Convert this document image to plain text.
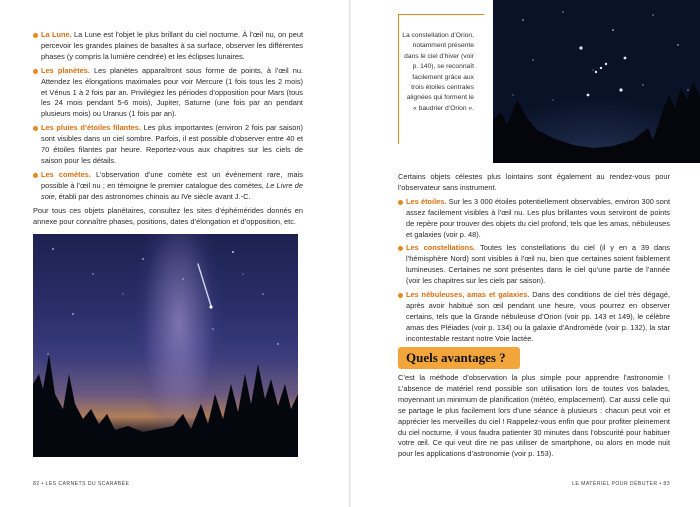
La Lune. La Lune est l’objet le plus brillant du ciel nocturne. À l’œil nu, on peut percevoir les grandes plaines de basaltes à sa surface, observer les différentes phases (y compris la lumière cendrée) et les éclipses lunaires.
Les planètes. Les planètes apparaîtront sous forme de points, à l’œil nu. Attendez les élongations maximales pour voir Mercure (1 fois tous les 2 mois) et Vénus 1 à 2 fois par an. Privilégiez les périodes d’opposition pour Mars (tous les 24 mois pendant 5-6 mois), Jupiter, Saturne (une fois par an pendant plusieurs mois) ou Uranus (1 fois par an).
Les pluies d’étoiles filantes. Les plus importantes (environ 2 fois par saison) sont visibles dans un ciel sombre. Parfois, il est possible d’observer entre 40 et 70 étoiles filantes par heure. Reportez-vous aux chapitres sur les ciels de saison pour les détails.
Les comètes. L’observation d’une comète est un événement rare, mais possible à l’œil nu ; en témoigne le premier catalogue des comètes, Le Livre de soie, établi par des astronomes chinois au IVe siècle avant J.-C.
Pour tous ces objets planétaires, consultez les sites d’éphémérides donnés en annexe pour connaître phases, positions, dates d’élongation et d’opposition, etc.
82 • LES CARNETS DU SCARABÉE
La constellation d’Orion, notamment présente dans le ciel d’hiver (voir p. 140), se reconnaît facilement grâce aux trois étoiles centrales alignées qui forment le « baudrier d’Orion ».
Certains objets célestes plus lointains sont également au rendez-vous pour l’observateur sans instrument.
Les étoiles. Sur les 3 000 étoiles potentiellement observables, environ 300 sont assez facilement visibles à l’œil nu. Les plus brillantes vous serviront de points de repère pour trouver des objets du ciel profond, tels que les amas, nébuleuses et galaxies (voir p. 48).
Les constellations. Toutes les constellations du ciel (il y en a 39 dans l’hémisphère Nord) sont visibles à l’œil nu, bien que certaines soient faiblement lumineuses. Certaines ne sont présentes dans le ciel qu’une partie de l’année (voir les chapitres sur les ciels par saison).
Les nébuleuses, amas et galaxies. Dans des conditions de ciel très dégagé, après avoir habitué son œil pendant une heure, vous pourrez en observer certains, tels que la Grande nébuleuse d’Orion (voir pp. 143 et 149), le célèbre amas des Pléiades (voir p. 134) ou la galaxie d’Andromède (voir p. 132), la star incontestable restant notre Voie lactée.
Quels avantages ?
C’est la méthode d’observation la plus simple pour apprendre l’astronomie ! L’absence de matériel rend possible son utilisation lors de toutes vos balades, moyennant un minimum de planification (météo, emplacement). Car aussi celle qui se partage le plus facilement lors d’une séance à plusieurs : chacun peut voir et apprécier les merveilles du ciel ! Rappelez-vous enfin que pour profiter pleinement du ciel nocturne, il vous faudra patienter 30 minutes dans l’obscurité pour habituer votre œil. Ce qui veut dire ne pas utiliser de smartphone, ou alors en mode nuit pour les applications d’astronomie (voir p. 153).
LE MATÉRIEL POUR DÉBUTER • 83
